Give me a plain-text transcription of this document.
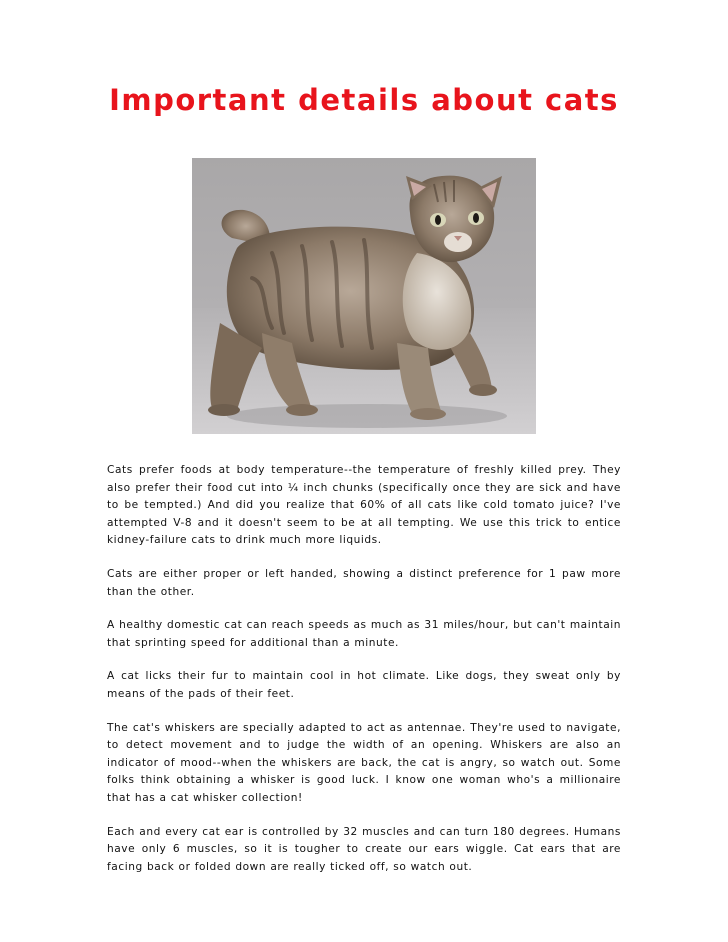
Important details about cats

Cats prefer foods at body temperature--the temperature of freshly killed prey. They also prefer their food cut into ¼ inch chunks (specifically once they are sick and have to be tempted.) And did you realize that 60% of all cats like cold tomato juice? I've attempted V-8 and it doesn't seem to be at all tempting. We use this trick to entice kidney-failure cats to drink much more liquids.

Cats are either proper or left handed, showing a distinct preference for 1 paw more than the other.

A healthy domestic cat can reach speeds as much as 31 miles/hour, but can't maintain that sprinting speed for additional than a minute.

A cat licks their fur to maintain cool in hot climate. Like dogs, they sweat only by means of the pads of their feet.

The cat's whiskers are specially adapted to act as antennae. They're used to navigate, to detect movement and to judge the width of an opening. Whiskers are also an indicator of mood--when the whiskers are back, the cat is angry, so watch out. Some folks think obtaining a whisker is good luck. I know one woman who's a millionaire that has a cat whisker collection!

Each and every cat ear is controlled by 32 muscles and can turn 180 degrees. Humans have only 6 muscles, so it is tougher to create our ears wiggle. Cat ears that are facing back or folded down are really ticked off, so watch out.
